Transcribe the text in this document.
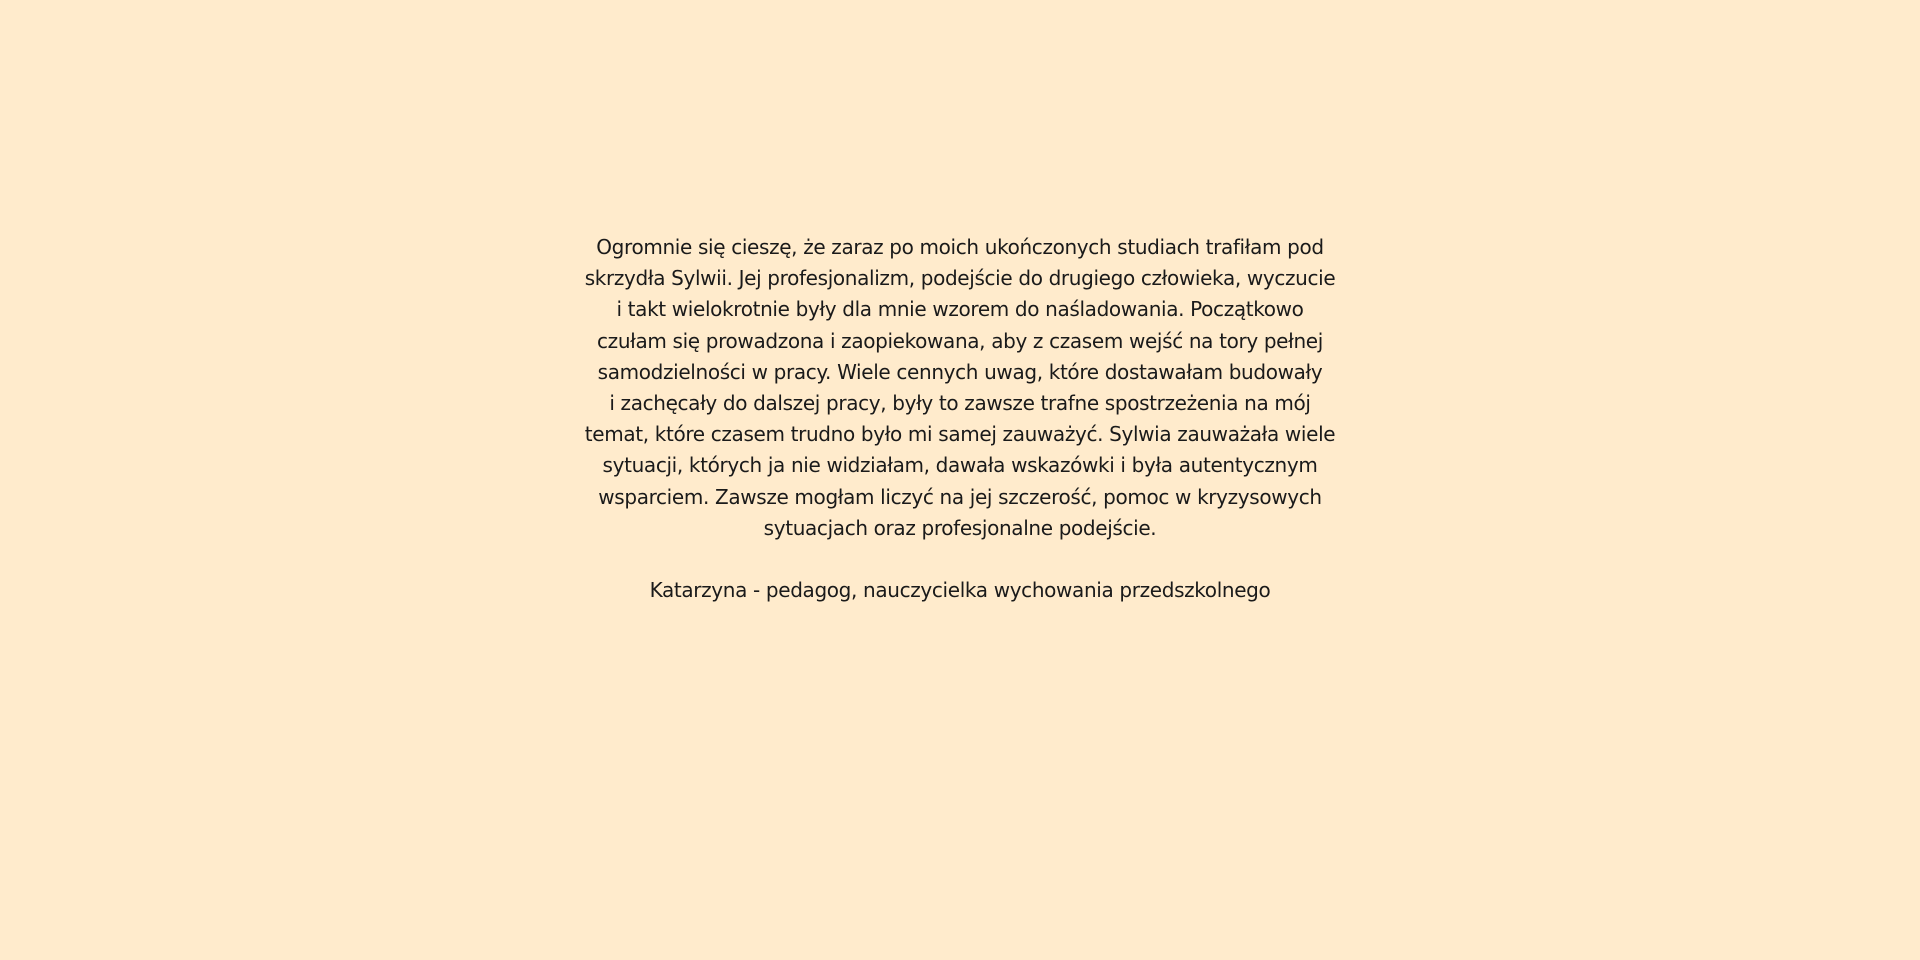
Ogromnie się cieszę, że zaraz po moich ukończonych studiach trafiłam pod
skrzydła Sylwii. Jej profesjonalizm, podejście do drugiego człowieka, wyczucie
i takt wielokrotnie były dla mnie wzorem do naśladowania. Początkowo
czułam się prowadzona i zaopiekowana, aby z czasem wejść na tory pełnej
samodzielności w pracy. Wiele cennych uwag, które dostawałam budowały
i zachęcały do dalszej pracy, były to zawsze trafne spostrzeżenia na mój
temat, które czasem trudno było mi samej zauważyć. Sylwia zauważała wiele
sytuacji, których ja nie widziałam, dawała wskazówki i była autentycznym
wsparciem. Zawsze mogłam liczyć na jej szczerość, pomoc w kryzysowych
sytuacjach oraz profesjonalne podejście.

Katarzyna - pedagog, nauczycielka wychowania przedszkolnego
